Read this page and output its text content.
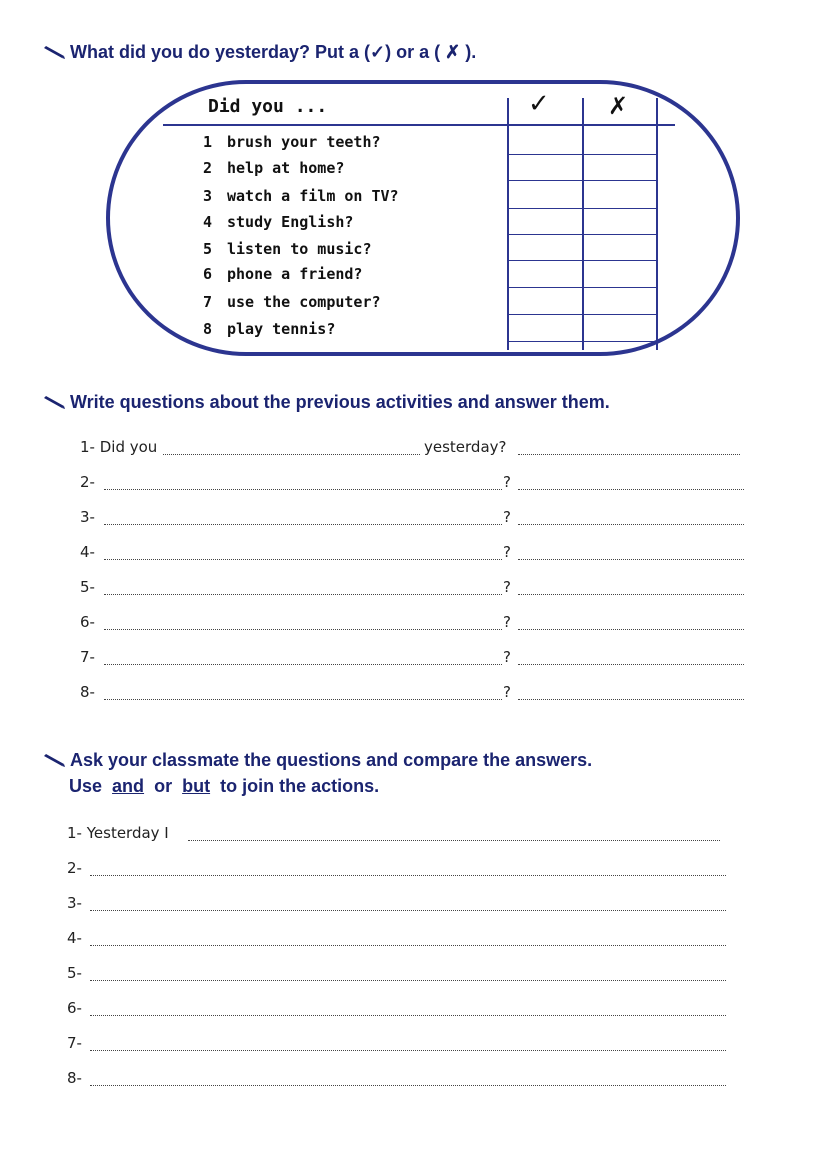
What did you do yesterday? Put a (✓) or a ( ✗ ).
Did you ...	✓ ✗
1 brush your teeth?
2 help at home?
3 watch a film on TV?
4 study English?
5 listen to music?
6 phone a friend?
7 use the computer?
8 play tennis?
Write questions about the previous activities and answer them.
1- Did you	yesterday?
2-	?
3-	?
4-	?
5-	?
6-	?
7-	?
8-	?
Ask your classmate the questions and compare the answers.
Use and or but to join the actions.
1- Yesterday I
2-
3-
4-
5-
6-
7-
8-
